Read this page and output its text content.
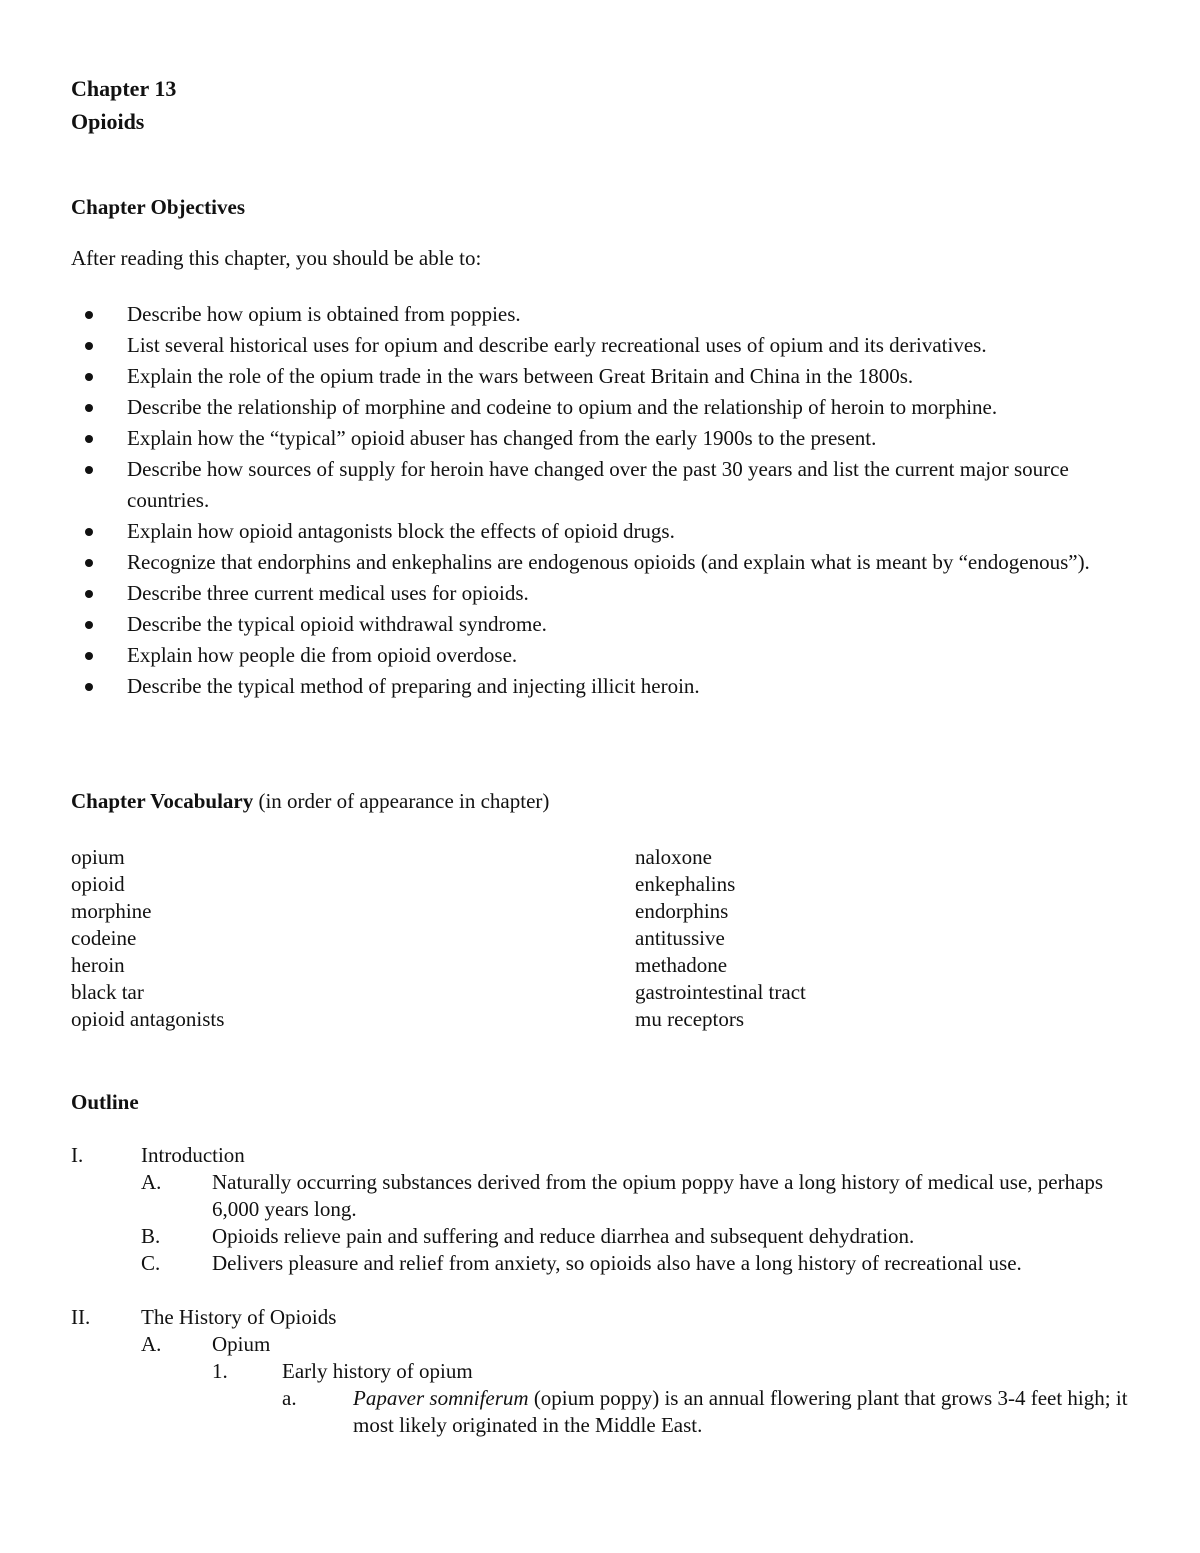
Chapter 13
Opioids
Chapter Objectives
After reading this chapter, you should be able to:
Describe how opium is obtained from poppies.
List several historical uses for opium and describe early recreational uses of opium and its derivatives.
Explain the role of the opium trade in the wars between Great Britain and China in the 1800s.
Describe the relationship of morphine and codeine to opium and the relationship of heroin to morphine.
Explain how the “typical” opioid abuser has changed from the early 1900s to the present.
Describe how sources of supply for heroin have changed over the past 30 years and list the current major source countries.
Explain how opioid antagonists block the effects of opioid drugs.
Recognize that endorphins and enkephalins are endogenous opioids (and explain what is meant by “endogenous”).
Describe three current medical uses for opioids.
Describe the typical opioid withdrawal syndrome.
Explain how people die from opioid overdose.
Describe the typical method of preparing and injecting illicit heroin.
Chapter Vocabulary (in order of appearance in chapter)
opium
opioid
morphine
codeine
heroin
black tar
opioid antagonists
naloxone
enkephalins
endorphins
antitussive
methadone
gastrointestinal tract
mu receptors
Outline
I.	Introduction
A.	Naturally occurring substances derived from the opium poppy have a long history of medical use, perhaps 6,000 years long.
B.	Opioids relieve pain and suffering and reduce diarrhea and subsequent dehydration.
C.	Delivers pleasure and relief from anxiety, so opioids also have a long history of recreational use.
II.	The History of Opioids
A.	Opium
1.	Early history of opium
a.	Papaver somniferum (opium poppy) is an annual flowering plant that grows 3-4 feet high; it most likely originated in the Middle East.
